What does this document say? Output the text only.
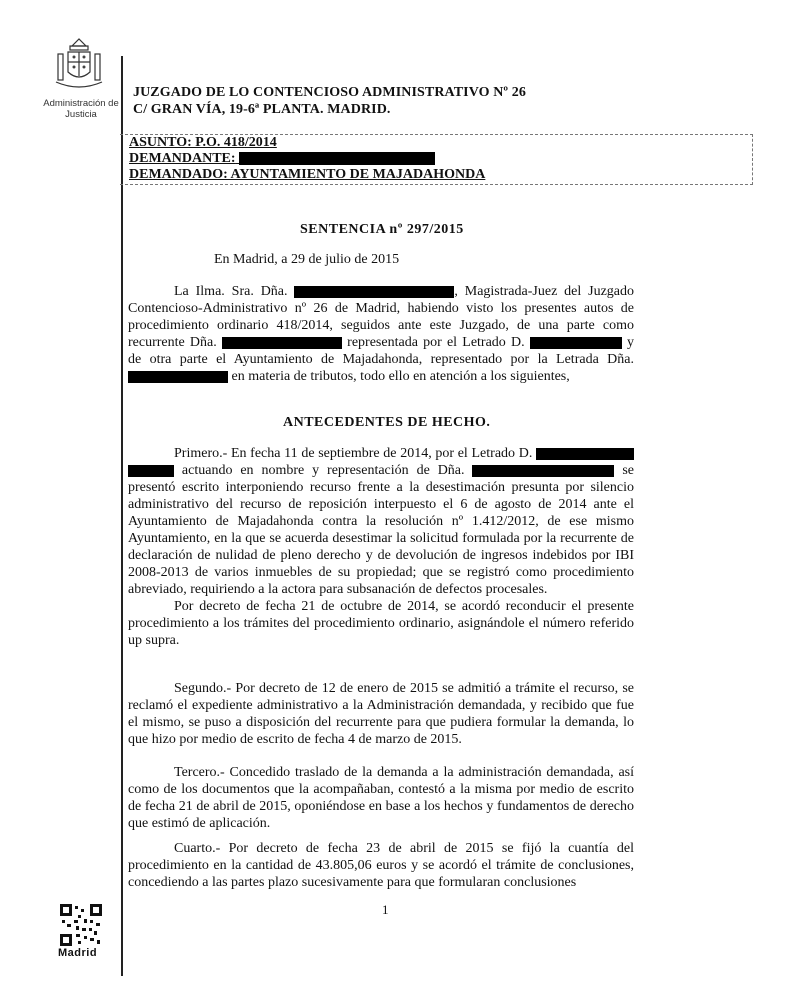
Administración de Justicia
JUZGADO DE LO CONTENCIOSO ADMINISTRATIVO Nº 26
C/ GRAN VÍA, 19-6ª PLANTA. MADRID.
ASUNTO: P.O. 418/2014
DEMANDANTE:
DEMANDADO: AYUNTAMIENTO DE MAJADAHONDA
SENTENCIA nº 297/2015
En Madrid, a 29 de julio de 2015

La Ilma. Sra. Dña.	, Magistrada-Juez del Juzgado Contencioso-Administrativo nº 26 de Madrid, habiendo visto los presentes autos de procedimiento ordinario 418/2014, seguidos ante este Juzgado, de una parte como recurrente Dña.	representada por el Letrado D.	y de otra parte el Ayuntamiento de Majadahonda, representado por la Letrada Dña.  en materia de tributos, todo ello en atención a los siguientes,

ANTECEDENTES DE HECHO.

Primero.- En fecha 11 de septiembre de 2014, por el Letrado D.   actuando en nombre y representación de Dña.	se presentó escrito interponiendo recurso frente a la desestimación presunta por silencio administrativo del recurso de reposición interpuesto el 6 de agosto de 2014 ante el Ayuntamiento de Majadahonda contra la resolución nº 1.412/2012, de ese mismo Ayuntamiento, en la que se acuerda desestimar la solicitud formulada por la recurrente de declaración de nulidad de pleno derecho y de devolución de ingresos indebidos por IBI 2008-2013 de varios inmuebles de su propiedad; que se registró como procedimiento abreviado, requiriendo a la actora para subsanación de defectos procesales.

Por decreto de fecha 21 de octubre de 2014, se acordó reconducir el presente procedimiento a los trámites del procedimiento ordinario, asignándole el número referido up supra.

Segundo.- Por decreto de 12 de enero de 2015 se admitió a trámite el recurso, se reclamó el expediente administrativo a la Administración demandada, y recibido que fue el mismo, se puso a disposición del recurrente para que pudiera formular la demanda, lo que hizo por medio de escrito de fecha 4 de marzo de 2015.

Tercero.- Concedido traslado de la demanda a la administración demandada, así como de los documentos que la acompañaban, contestó a la misma por medio de escrito de fecha 21 de abril de 2015, oponiéndose en base a los hechos y fundamentos de derecho que estimó de aplicación.

Cuarto.- Por decreto de fecha 23 de abril de 2015 se fijó la cuantía del procedimiento en la cantidad de 43.805,06 euros y se acordó el trámite de conclusiones, concediendo a las partes plazo sucesivamente para que formularan conclusiones

1
Madrid
